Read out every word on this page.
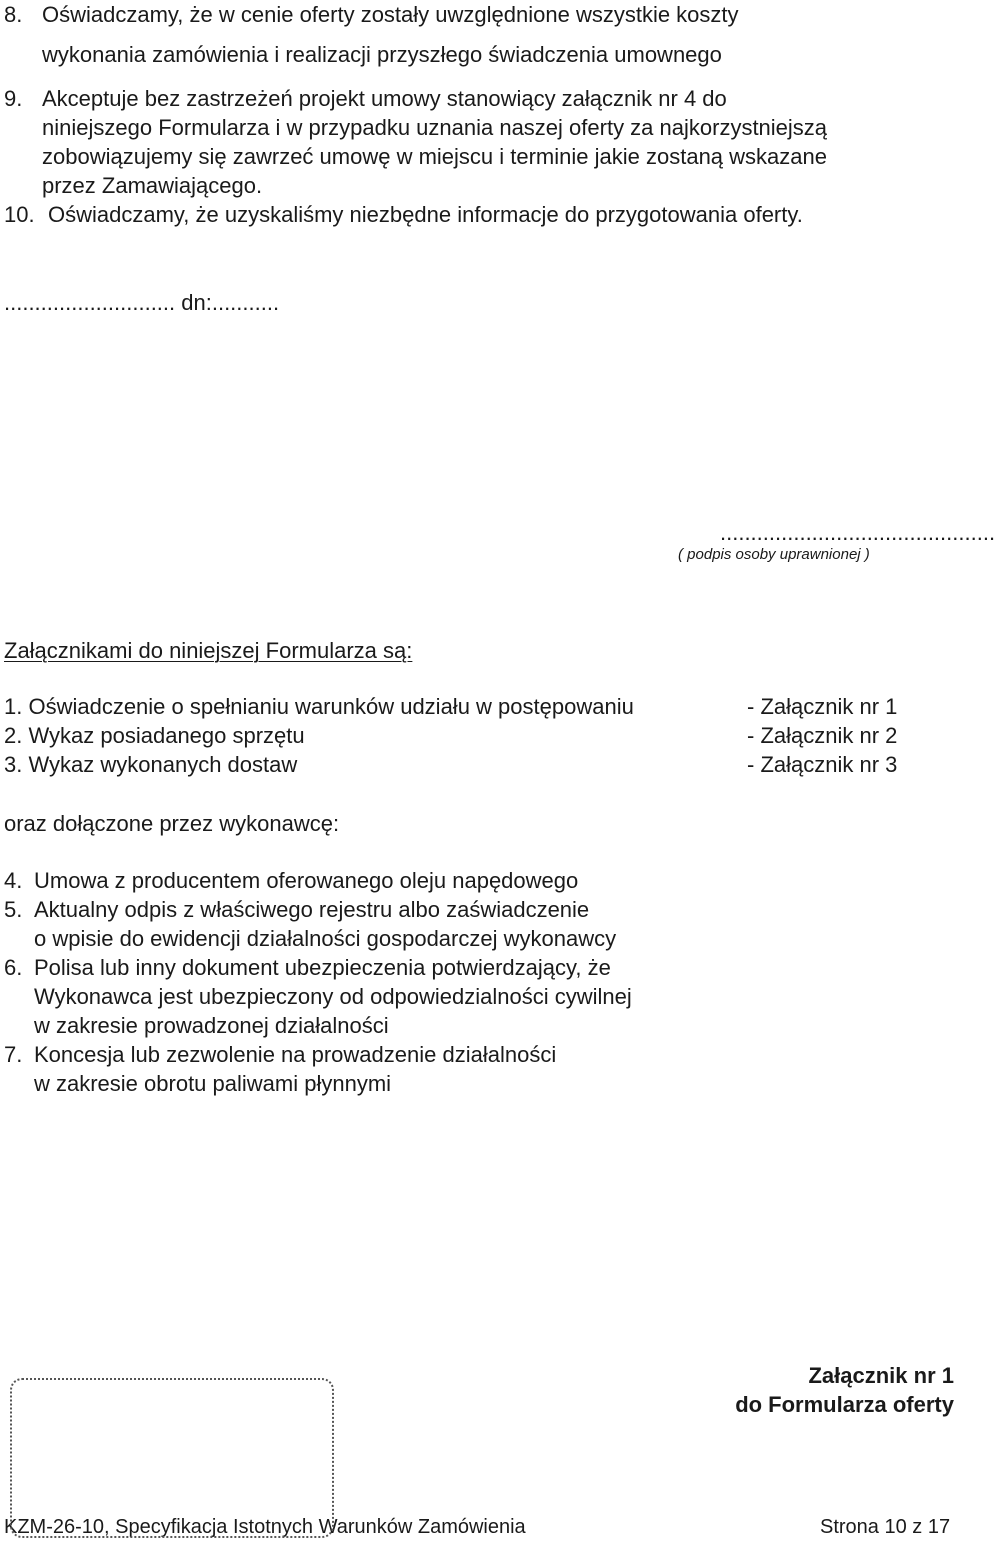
8. Oświadczamy, że w cenie oferty zostały uwzględnione wszystkie koszty
wykonania zamówienia i realizacji przyszłego świadczenia umownego
9. Akceptuje bez zastrzeżeń projekt umowy stanowiący załącznik nr 4 do
niniejszego Formularza i w przypadku uznania naszej oferty za najkorzystniejszą
zobowiązujemy się zawrzeć umowę w miejscu i terminie jakie zostaną wskazane
przez Zamawiającego.
10. Oświadczamy, że uzyskaliśmy niezbędne informacje do przygotowania oferty.
............................ dn:...........
.............................................
( podpis osoby uprawnionej )
Załącznikami do niniejszej Formularza są:
1. Oświadczenie o spełnianiu warunków udziału w postępowaniu	- Załącznik nr 1
2. Wykaz posiadanego sprzętu	- Załącznik nr 2
3. Wykaz wykonanych dostaw	- Załącznik nr 3
oraz dołączone przez wykonawcę:
4. Umowa z producentem oferowanego oleju napędowego
5. Aktualny odpis z właściwego rejestru albo zaświadczenie
o wpisie do ewidencji działalności gospodarczej wykonawcy
6. Polisa lub inny dokument ubezpieczenia potwierdzający, że
Wykonawca jest ubezpieczony od odpowiedzialności cywilnej
w zakresie prowadzonej działalności
7. Koncesja lub zezwolenie na prowadzenie działalności
w zakresie obrotu paliwami płynnymi
Załącznik nr 1
do Formularza oferty
KZM-26-10, Specyfikacja Istotnych Warunków Zamówienia	Strona 10 z 17
